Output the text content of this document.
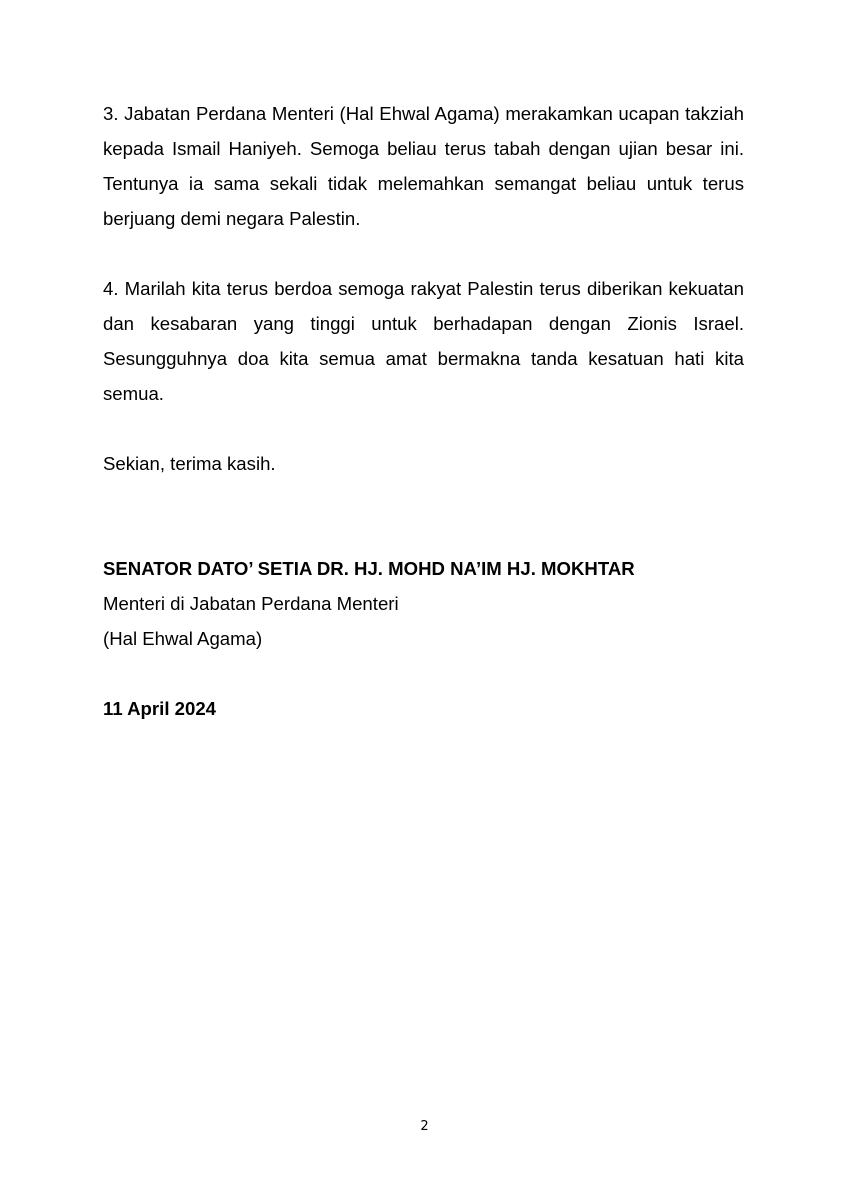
3. Jabatan Perdana Menteri (Hal Ehwal Agama) merakamkan ucapan takziah kepada Ismail Haniyeh. Semoga beliau terus tabah dengan ujian besar ini. Tentunya ia sama sekali tidak melemahkan semangat beliau untuk terus berjuang demi negara Palestin.

4. Marilah kita terus berdoa semoga rakyat Palestin terus diberikan kekuatan dan kesabaran yang tinggi untuk berhadapan dengan Zionis Israel. Sesungguhnya doa kita semua amat bermakna tanda kesatuan hati kita semua.

Sekian, terima kasih.

SENATOR DATO’ SETIA DR. HJ. MOHD NA’IM HJ. MOKHTAR
Menteri di Jabatan Perdana Menteri
(Hal Ehwal Agama)
11 April 2024
2
